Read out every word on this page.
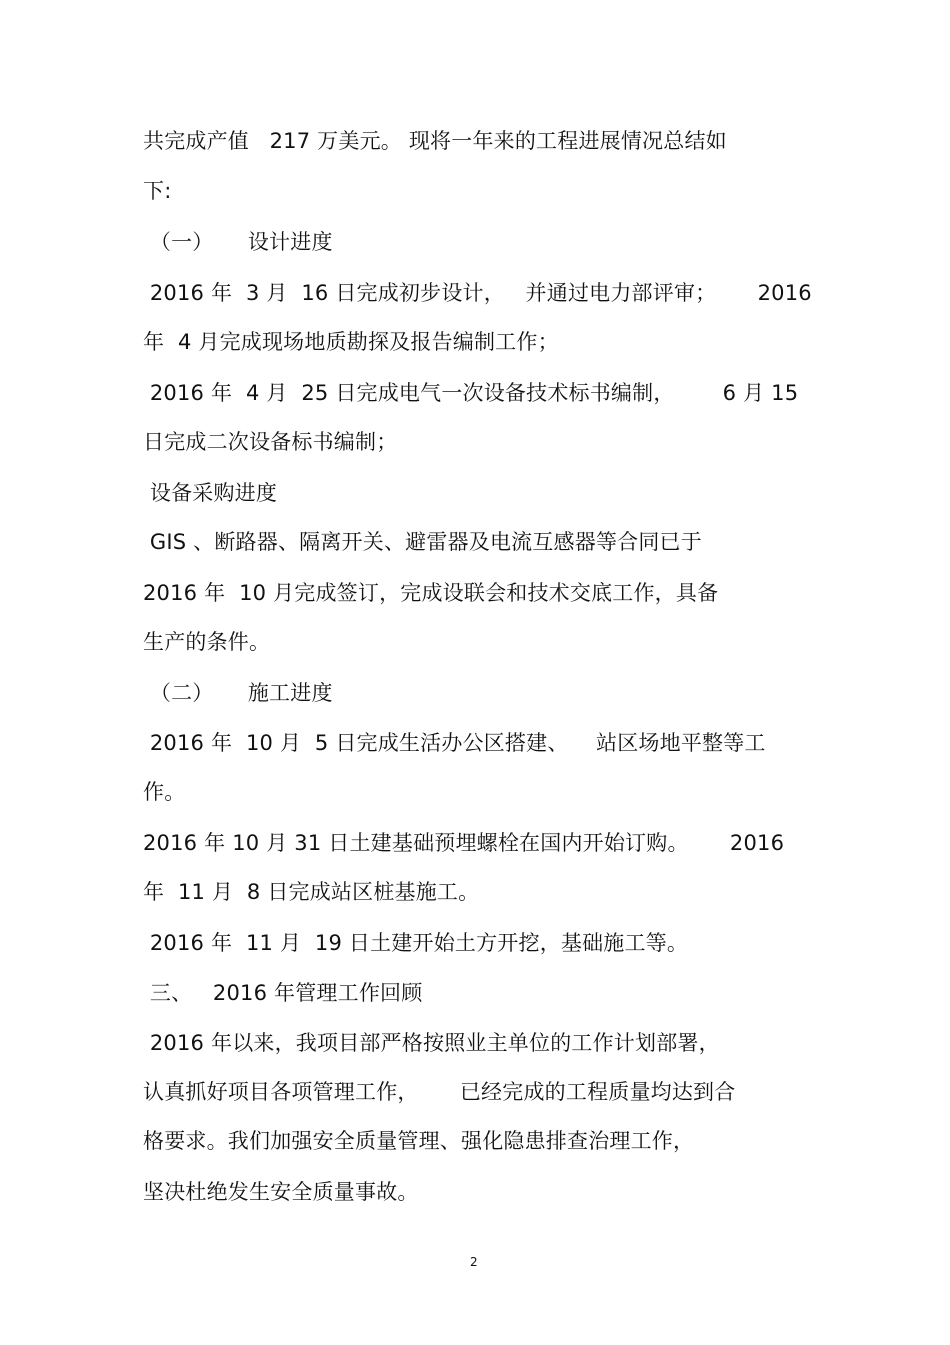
共完成产值   217 万美元。 现将一年来的工程进展情况总结如
下:
（一）     设计进度
2016 年  3 月  16 日完成初步设计，   并通过电力部评审；      2016
年  4 月完成现场地质勘探及报告编制工作；
2016 年  4 月  25 日完成电气一次设备技术标书编制，       6 月 15
日完成二次设备标书编制；
设备采购进度
GIS 、断路器、隔离开关、避雷器及电流互感器等合同已于
2016 年  10 月完成签订，完成设联会和技术交底工作，具备
生产的条件。
（二）     施工进度
2016 年  10 月  5 日完成生活办公区搭建、    站区场地平整等工
作。
2016 年 10 月 31 日土建基础预埋螺栓在国内开始订购。      2016
年  11 月  8 日完成站区桩基施工。
2016 年  11 月  19 日土建开始土方开挖，基础施工等。
三、   2016 年管理工作回顾
2016 年以来，我项目部严格按照业主单位的工作计划部署，
认真抓好项目各项管理工作，      已经完成的工程质量均达到合
格要求。我们加强安全质量管理、强化隐患排查治理工作，
坚决杜绝发生安全质量事故。
2
